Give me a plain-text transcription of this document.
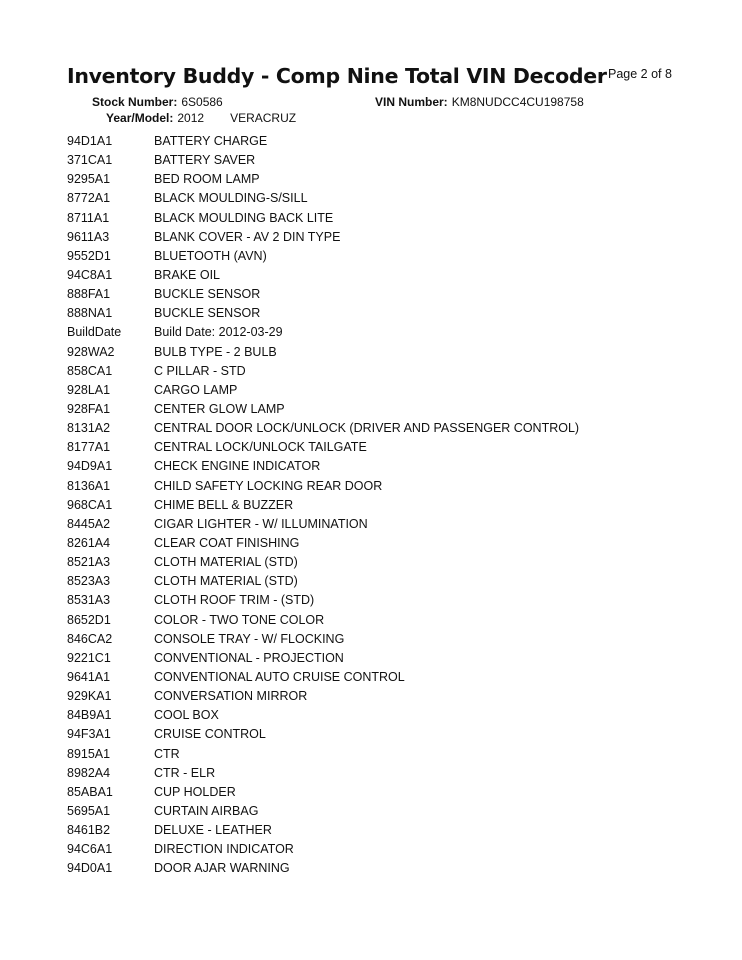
Inventory Buddy - Comp Nine Total VIN Decoder Page 2 of 8
Stock Number: 6S0586	VIN Number: KM8NUDCC4CU198758
Year/Model: 2012 VERACRUZ
94D1A1	BATTERY CHARGE
371CA1	BATTERY SAVER
9295A1	BED ROOM LAMP
8772A1	BLACK MOULDING-S/SILL
8711A1	BLACK MOULDING BACK LITE
9611A3	BLANK COVER - AV 2 DIN TYPE
9552D1	BLUETOOTH (AVN)
94C8A1	BRAKE OIL
888FA1	BUCKLE SENSOR
888NA1	BUCKLE SENSOR
BuildDate	Build Date: 2012-03-29
928WA2	BULB TYPE - 2 BULB
858CA1	C PILLAR - STD
928LA1	CARGO LAMP
928FA1	CENTER GLOW LAMP
8131A2	CENTRAL DOOR LOCK/UNLOCK (DRIVER AND PASSENGER CONTROL)
8177A1	CENTRAL LOCK/UNLOCK TAILGATE
94D9A1	CHECK ENGINE INDICATOR
8136A1	CHILD SAFETY LOCKING REAR DOOR
968CA1	CHIME BELL & BUZZER
8445A2	CIGAR LIGHTER - W/ ILLUMINATION
8261A4	CLEAR COAT FINISHING
8521A3	CLOTH MATERIAL (STD)
8523A3	CLOTH MATERIAL (STD)
8531A3	CLOTH ROOF TRIM - (STD)
8652D1	COLOR - TWO TONE COLOR
846CA2	CONSOLE TRAY - W/ FLOCKING
9221C1	CONVENTIONAL - PROJECTION
9641A1	CONVENTIONAL AUTO CRUISE CONTROL
929KA1	CONVERSATION MIRROR
84B9A1	COOL BOX
94F3A1	CRUISE CONTROL
8915A1	CTR
8982A4	CTR - ELR
85ABA1	CUP HOLDER
5695A1	CURTAIN AIRBAG
8461B2	DELUXE - LEATHER
94C6A1	DIRECTION INDICATOR
94D0A1	DOOR AJAR WARNING
